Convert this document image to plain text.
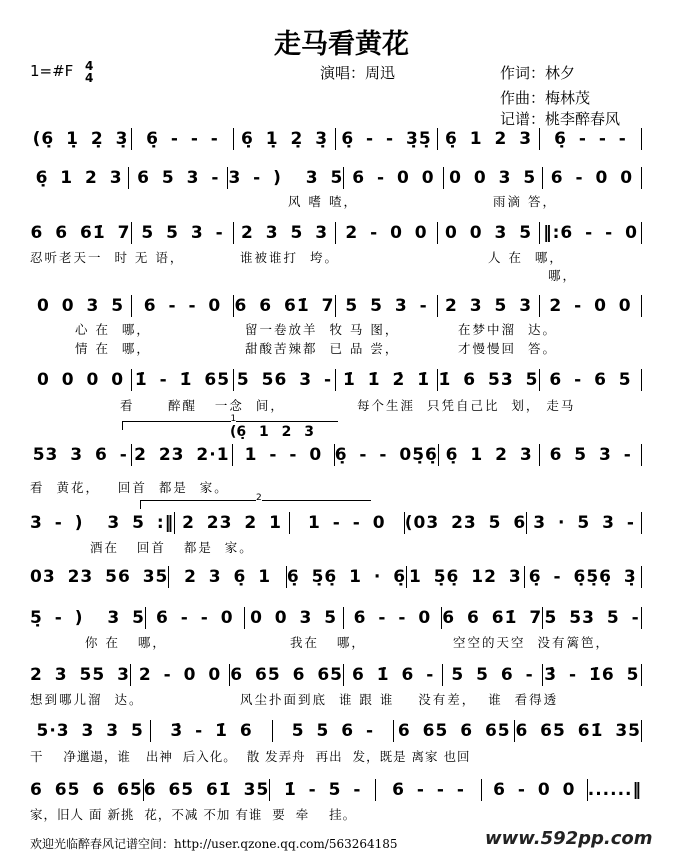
走马看黄花
1=#F 4
4	演唱：周迅	作词：林夕
作曲：梅林茂
记谱：桃李醉春风
(6̣ 1̣ 2̣ 3̣	6̣ - - -	6̣ 1̣ 2̣ 3̣ 6̣ - - 3̣5̣ 6̣ 1 2 3	6̣ - - -
6̣ 1 2 3 6 5 3 - 3 - )  3 5 6 - 0 0 0 0 3 5 6 - 0 0
6 6 61̇ 7 5 5 3 -	2 3 5 3	2 - 0 0	0 0 3 5 ‖:6 - - 0
0 0 3 5	6 - - 0 6 6 61̇ 7 5 5 3 -	2 3 5 3	2 - 0 0
0 0 0 0 1̇ - 1̇ 65 5 56 3 - 1̇ 1̇ 2̇ 1̇ 1̇ 6 53 5 6 - 6 5
53 3 6 - 2 23 2·1 1 - - 0 6̣ - - 05̣6̣ 6̣ 1 2 3 6 5 3 -
3 - )  3 5 :‖ 2 23 2 1	1 - - 0	(03 23 5 6 3 · 5 3 -
03 23 56 35 2 3 6̣ 1 6̣ 5̣6̣ 1 · 6̣ 1 5̣6̣ 12 3 6̣ - 6̣5̣6̣ 3̣
5̣ - )  3 5 6 - - 0 0 0 3 5 6 - - 0 6 6 61̇ 7 5 53 5 -
2 3 55 3 2 - 0 0 6 65 6 65 6 1̇ 6 -	5 5 6 - 3̇ - 1̇6 5
5·3 3 3 5	3̇ - 1̇ 6	5 5 6 -	6 65 6 65 6 65 61̇ 35
6 65 6 65 6 65 61̇ 35 1̇ - 5 -	6 - - -	6 - 0 0 ......‖
1
(6̣ 1 2 3
2
风 嗜 喳，	雨滴 答，
忍听老天一  时 无 语，	谁被谁打  垮。	人 在  哪，
哪，
心 在  哪，	留一卷放羊  牧 马 图，	在梦中溜  达。
情 在  哪，	甜酸苦辣都  已 品 尝，	才慢慢回  答。
看	醉醒   一念  间，	每个生涯  只凭自己比  划， 走马
看  黄花，   回首  都是  家。
酒在   回首   都是  家。
你 在   哪，	我在   哪，	空空的天空  没有篱笆，
想到哪儿溜  达。	风尘扑面到底  谁 跟 谁    没有差，  谁  看得透
干    净邋遢，谁   出神  后入化。  散 发弄舟  再出  发，既是 离家 也回
家，旧人 面 新挑  花，不减 不加 有谁  要  牵    挂。
欢迎光临醉春风记谱空间：http://user.qzone.qq.com/563264185	www.592pp.com
